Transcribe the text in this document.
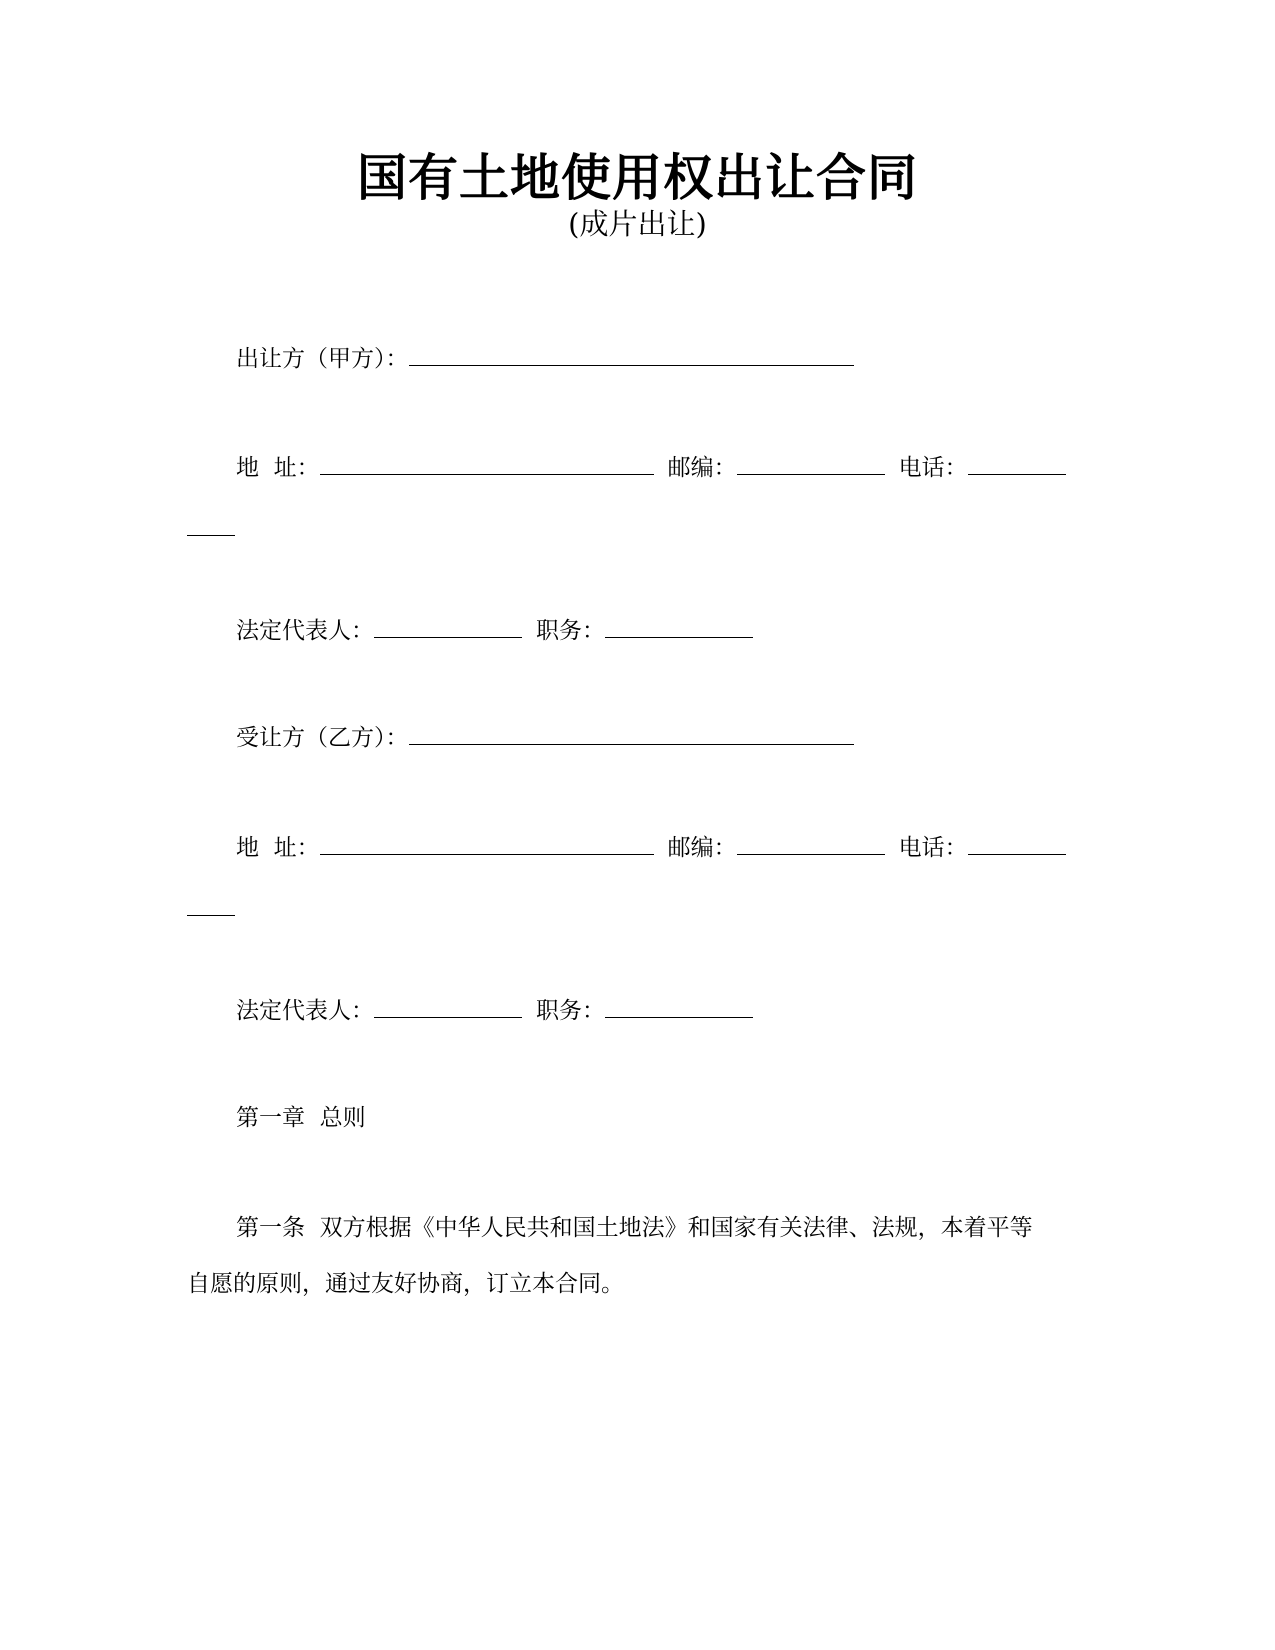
国有土地使用权出让合同
(成片出让)
出让方（甲方）：
地  址：	邮编：	电话：
法定代表人：	职务：
受让方（乙方）：
地  址：	邮编：	电话：
法定代表人：	职务：
第一章  总则
第一条  双方根据《中华人民共和国土地法》和国家有关法律、法规，本着平等
自愿的原则，通过友好协商，订立本合同。
